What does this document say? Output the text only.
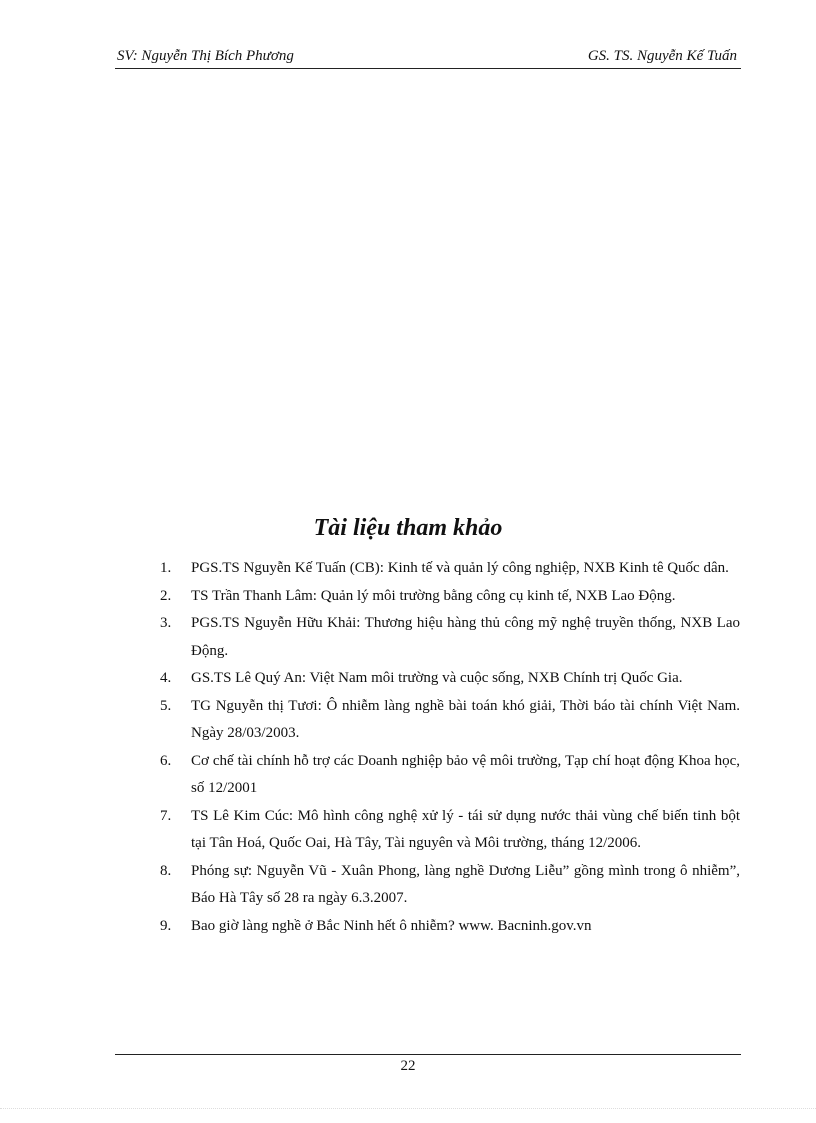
SV: Nguyễn Thị Bích Phương	GS. TS. Nguyễn Kế Tuấn
Tài liệu tham khảo
1. PGS.TS Nguyễn Kế Tuấn (CB): Kinh tế và quản lý công nghiệp, NXB Kinh tê Quốc dân.
2. TS Trần Thanh Lâm: Quản lý môi trường bằng công cụ kinh tế, NXB Lao Động.
3. PGS.TS Nguyễn Hữu Khải: Thương hiệu hàng thủ công mỹ nghệ truyền thống, NXB Lao Động.
4. GS.TS Lê Quý An: Việt Nam môi trường và cuộc sống, NXB Chính trị Quốc Gia.
5. TG Nguyễn thị Tươi: Ô nhiễm làng nghề bài toán khó giải, Thời báo tài chính Việt Nam. Ngày 28/03/2003.
6. Cơ chế tài chính hỗ trợ các Doanh nghiệp bảo vệ môi trường, Tạp chí hoạt động Khoa học, số 12/2001
7. TS Lê Kim Cúc: Mô hình công nghệ xử lý - tái sử dụng nước thải vùng chế biến tinh bột tại Tân Hoá, Quốc Oai, Hà Tây, Tài nguyên và Môi trường, tháng 12/2006.
8. Phóng sự: Nguyễn Vũ - Xuân Phong, làng nghề Dương Liễu” gồng mình trong ô nhiễm”, Báo Hà Tây số 28 ra ngày 6.3.2007.
9. Bao giờ làng nghề ở Bắc Ninh hết ô nhiễm? www. Bacninh.gov.vn
22
